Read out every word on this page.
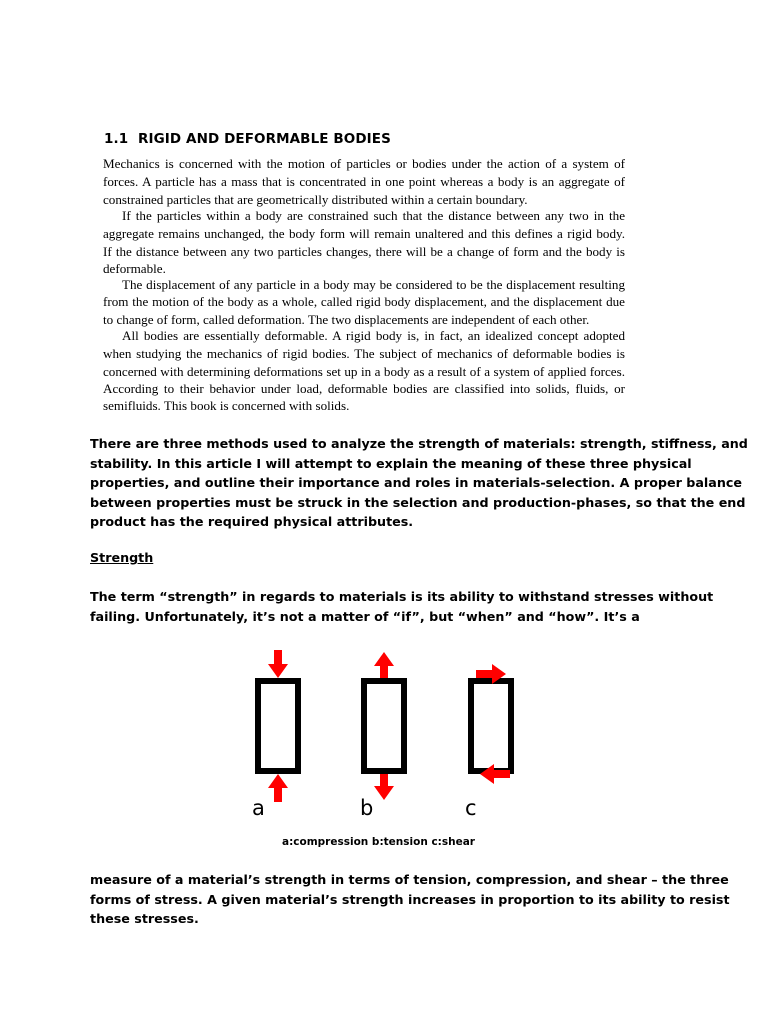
1.1 RIGID AND DEFORMABLE BODIES
Mechanics is concerned with the motion of particles or bodies under the action of a system of
forces. A particle has a mass that is concentrated in one point whereas a body is an aggregate of
constrained particles that are geometrically distributed within a certain boundary.
If the particles within a body are constrained such that the distance between any two in the
aggregate remains unchanged, the body form will remain unaltered and this defines a rigid body.
If the distance between any two particles changes, there will be a change of form and the body is
deformable.
The displacement of any particle in a body may be considered to be the displacement resulting
from the motion of the body as a whole, called rigid body displacement, and the displacement due
to change of form, called deformation. The two displacements are independent of each other.
All bodies are essentially deformable. A rigid body is, in fact, an idealized concept adopted
when studying the mechanics of rigid bodies. The subject of mechanics of deformable bodies is
concerned with determining deformations set up in a body as a result of a system of applied forces.
According to their behavior under load, deformable bodies are classified into solids, fluids, or
semifluids. This book is concerned with solids.
There are three methods used to analyze the strength of materials: strength, stiffness, and
stability. In this article I will attempt to explain the meaning of these three physical
properties, and outline their importance and roles in materials-selection. A proper balance
between properties must be struck in the selection and production-phases, so that the end
product has the required physical attributes.
Strength
The term “strength” in regards to materials is its ability to withstand stresses without
failing. Unfortunately, it’s not a matter of “if”, but “when” and “how”. It’s a
a	b	c
a:compression b:tension c:shear
measure of a material’s strength in terms of tension, compression, and shear – the three
forms of stress. A given material’s strength increases in proportion to its ability to resist
these stresses.
